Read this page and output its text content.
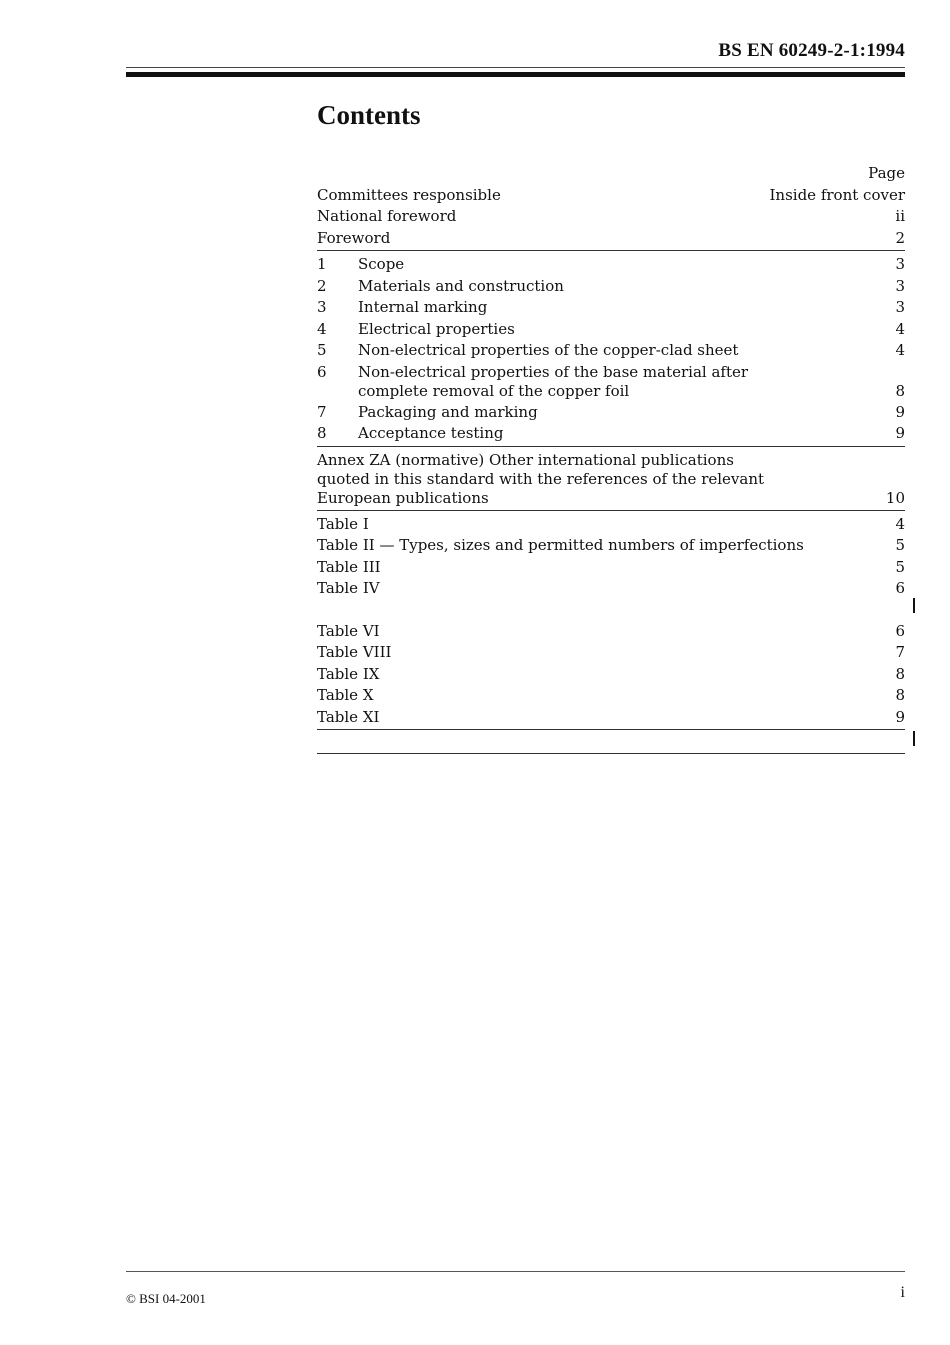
BS EN 60249-2-1:1994
Contents
Page
Committees responsible	Inside front cover
National foreword	ii
Foreword	2
1	Scope	3
2	Materials and construction	3
3	Internal marking	3
4	Electrical properties	4
5	Non-electrical properties of the copper-clad sheet	4
6	Non-electrical properties of the base material after
complete removal of the copper foil	8
7	Packaging and marking	9
8	Acceptance testing	9
Annex ZA (normative) Other international publications
quoted in this standard with the references of the relevant
European publications	10
Table I	4
Table II — Types, sizes and permitted numbers of imperfections	5
Table III	5
Table IV	6
Table VI	6
Table VIII	7
Table IX	8
Table X	8
Table XI	9
© BSI 04-2001	i
